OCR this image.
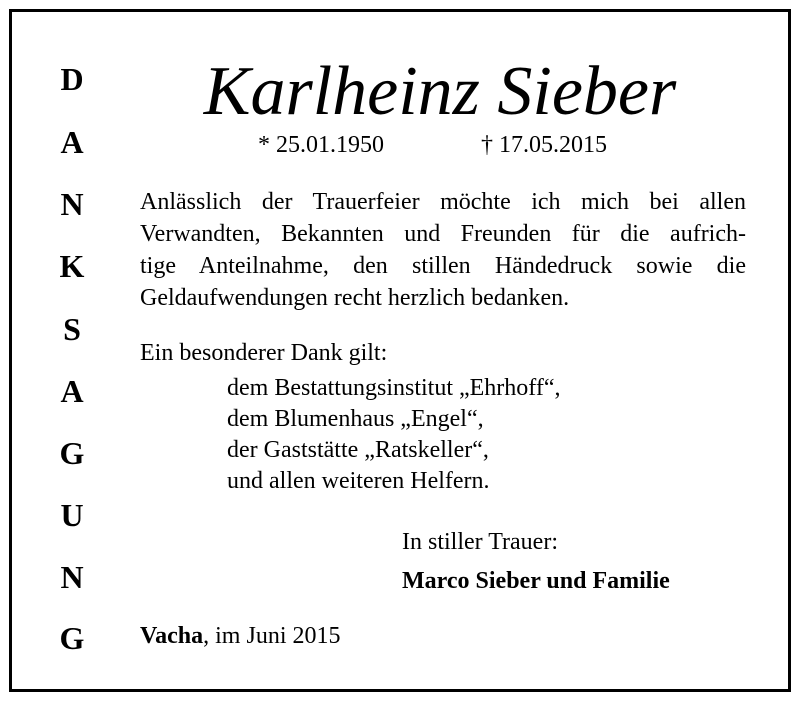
D
A
N
K
S
A
G
U
N
G
Karlheinz Sieber
* 25.01.1950	† 17.05.2015
Anlässlich der Trauerfeier möchte ich mich bei allen
Verwandten, Bekannten und Freunden für die aufrich-
tige Anteilnahme, den stillen Händedruck sowie die
Geldaufwendungen recht herzlich bedanken.
Ein besonderer Dank gilt:
dem Bestattungsinstitut „Ehrhoff“,
dem Blumenhaus „Engel“,
der Gaststätte „Ratskeller“,
und allen weiteren Helfern.
In stiller Trauer:
Marco Sieber und Familie
Vacha, im Juni 2015
